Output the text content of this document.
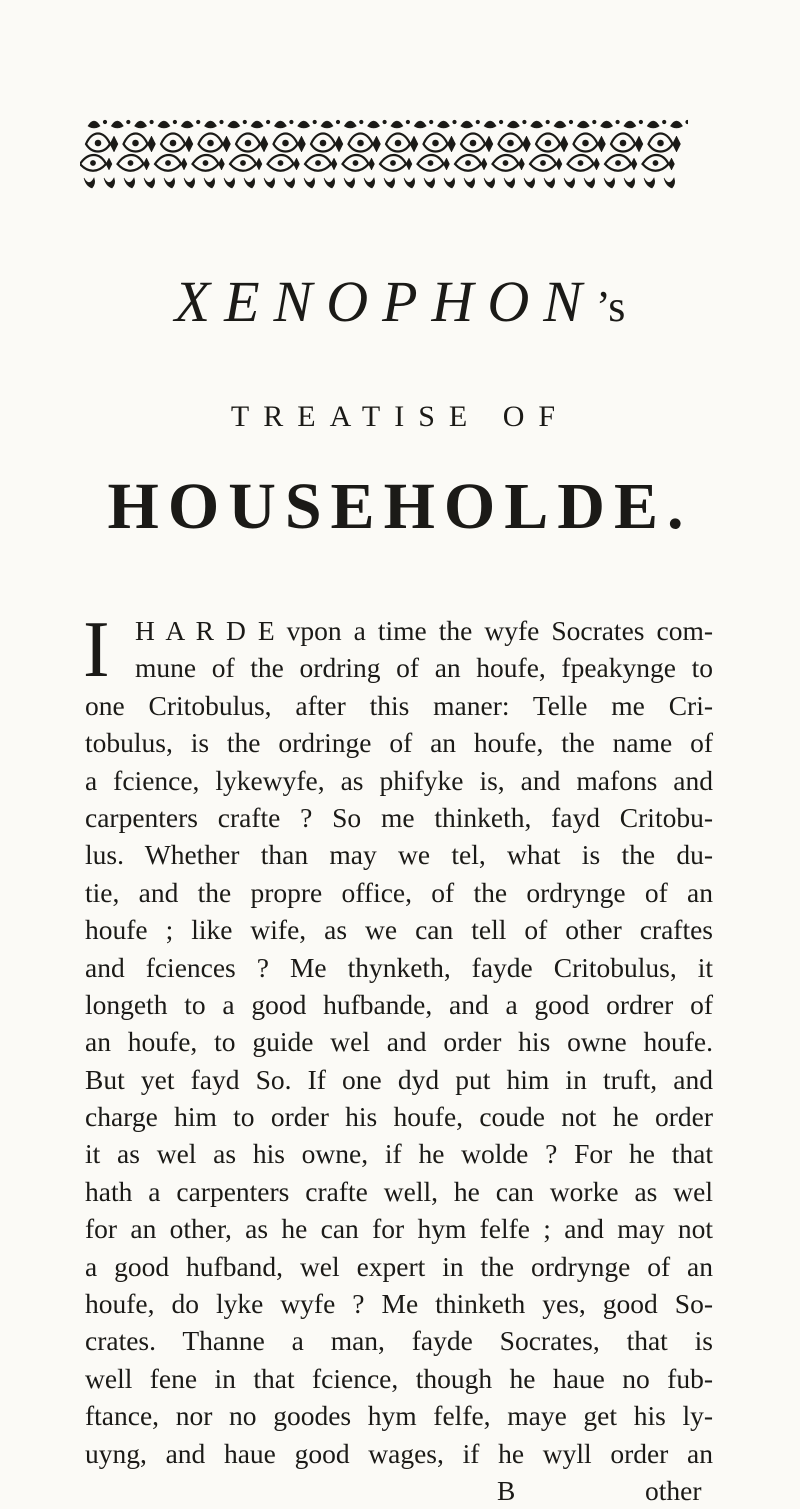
XENOPHON’s
TREATISE OF
HOUSEHOLDE.
I H A R D E vpon a time the wyfe Socrates com-
mune of the ordring of an houfe, fpeakynge to
one Critobulus, after this maner: Telle me Cri-
tobulus, is the ordringe of an houfe, the name of
a fcience, lykewyfe, as phifyke is, and mafons and
carpenters crafte ? So me thinketh, fayd Critobu-
lus. Whether than may we tel, what is the du-
tie, and the propre office, of the ordrynge of an
houfe ; like wife, as we can tell of other craftes
and fciences ? Me thynketh, fayde Critobulus, it
longeth to a good hufbande, and a good ordrer of
an houfe, to guide wel and order his owne houfe.
But yet fayd So. If one dyd put him in truft, and
charge him to order his houfe, coude not he order
it as wel as his owne, if he wolde ? For he that
hath a carpenters crafte well, he can worke as wel
for an other, as he can for hym felfe ; and may not
a good hufband, wel expert in the ordrynge of an
houfe, do lyke wyfe ? Me thinketh yes, good So-
crates. Thanne a man, fayde Socrates, that is
well fene in that fcience, though he haue no fub-
ftance, nor no goodes hym felfe, maye get his ly-
uyng, and haue good wages, if he wyll order an
B	other
